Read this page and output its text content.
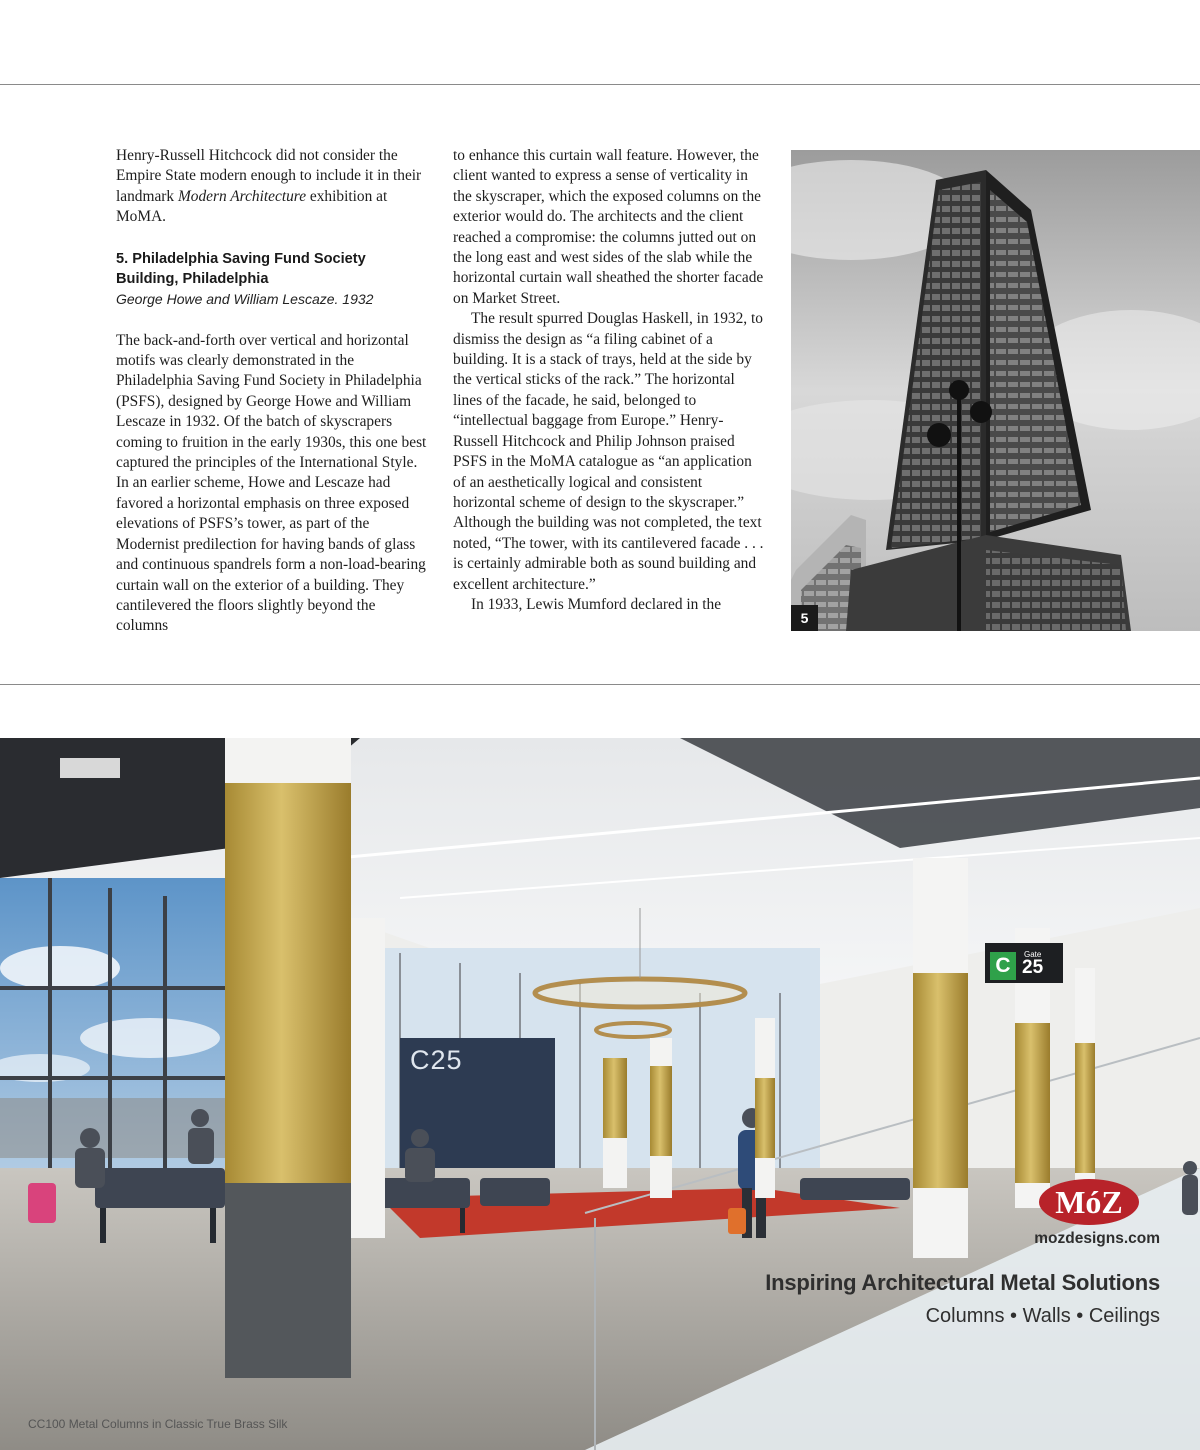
Henry-Russell Hitchcock did not consider the Empire State modern enough to include it in their landmark Modern Architecture exhibition at MoMA.

5. Philadelphia Saving Fund Society
Building, Philadelphia
George Howe and William Lescaze. 1932

The back-and-forth over vertical and horizontal motifs was clearly demonstrated in the Philadelphia Saving Fund Society in Philadelphia (PSFS), designed by George Howe and William Lescaze in 1932. Of the batch of skyscrapers coming to fruition in the early 1930s, this one best captured the principles of the International Style. In an earlier scheme, Howe and Lescaze had favored a horizontal emphasis on three exposed elevations of PSFS’s tower, as part of the Modernist predilection for having bands of glass and continuous spandrels form a non-load-bearing curtain wall on the exterior of a building. They cantilevered the floors slightly beyond the columns

to enhance this curtain wall feature. However, the client wanted to express a sense of verticality in the skyscraper, which the exposed columns on the exterior would do. The architects and the client reached a compromise: the columns jutted out on the long east and west sides of the slab while the horizontal curtain wall sheathed the shorter facade on Market Street.

The result spurred Douglas Haskell, in 1932, to dismiss the design as “a filing cabinet of a building. It is a stack of trays, held at the side by the vertical sticks of the rack.” The horizontal lines of the facade, he said, belonged to “intellectual baggage from Europe.” Henry-Russell Hitchcock and Philip Johnson praised PSFS in the MoMA catalogue as “an application of an aesthetically logical and consistent horizontal scheme of design to the skyscraper.” Although the building was not completed, the text noted, “The tower, with its cantilevered facade . . . is certainly admirable both as sound building and excellent architecture.”

In 1933, Lewis Mumford declared in the

5
C25
C	Gate
25
MóZ
mozdesigns.com
Inspiring Architectural Metal Solutions
Columns • Walls • Ceilings
CC100 Metal Columns in Classic True Brass Silk
